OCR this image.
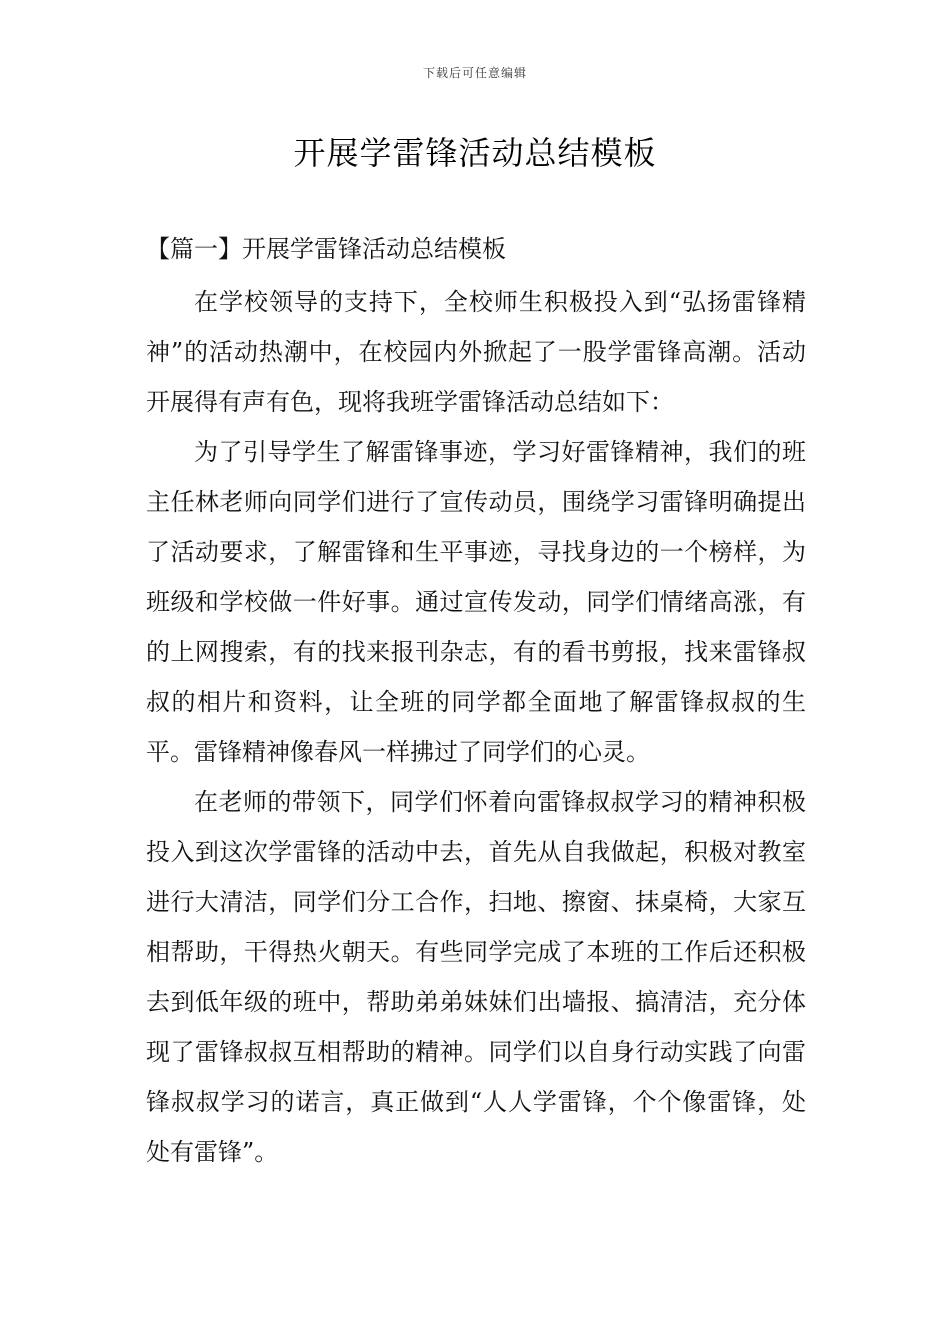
下载后可任意编辑
开展学雷锋活动总结模板
【篇一】开展学雷锋活动总结模板

在学校领导的支持下，全校师生积极投入到“弘扬雷锋精神”的活动热潮中，在校园内外掀起了一股学雷锋高潮。活动开展得有声有色，现将我班学雷锋活动总结如下：

为了引导学生了解雷锋事迹，学习好雷锋精神，我们的班主任林老师向同学们进行了宣传动员，围绕学习雷锋明确提出了活动要求，了解雷锋和生平事迹，寻找身边的一个榜样，为班级和学校做一件好事。通过宣传发动，同学们情绪高涨，有的上网搜索，有的找来报刊杂志，有的看书剪报，找来雷锋叔叔的相片和资料，让全班的同学都全面地了解雷锋叔叔的生平。雷锋精神像春风一样拂过了同学们的心灵。

在老师的带领下，同学们怀着向雷锋叔叔学习的精神积极投入到这次学雷锋的活动中去，首先从自我做起，积极对教室进行大清洁，同学们分工合作，扫地、擦窗、抹桌椅，大家互相帮助，干得热火朝天。有些同学完成了本班的工作后还积极去到低年级的班中，帮助弟弟妹妹们出墙报、搞清洁，充分体现了雷锋叔叔互相帮助的精神。同学们以自身行动实践了向雷锋叔叔学习的诺言，真正做到“人人学雷锋，个个像雷锋，处处有雷锋”。
